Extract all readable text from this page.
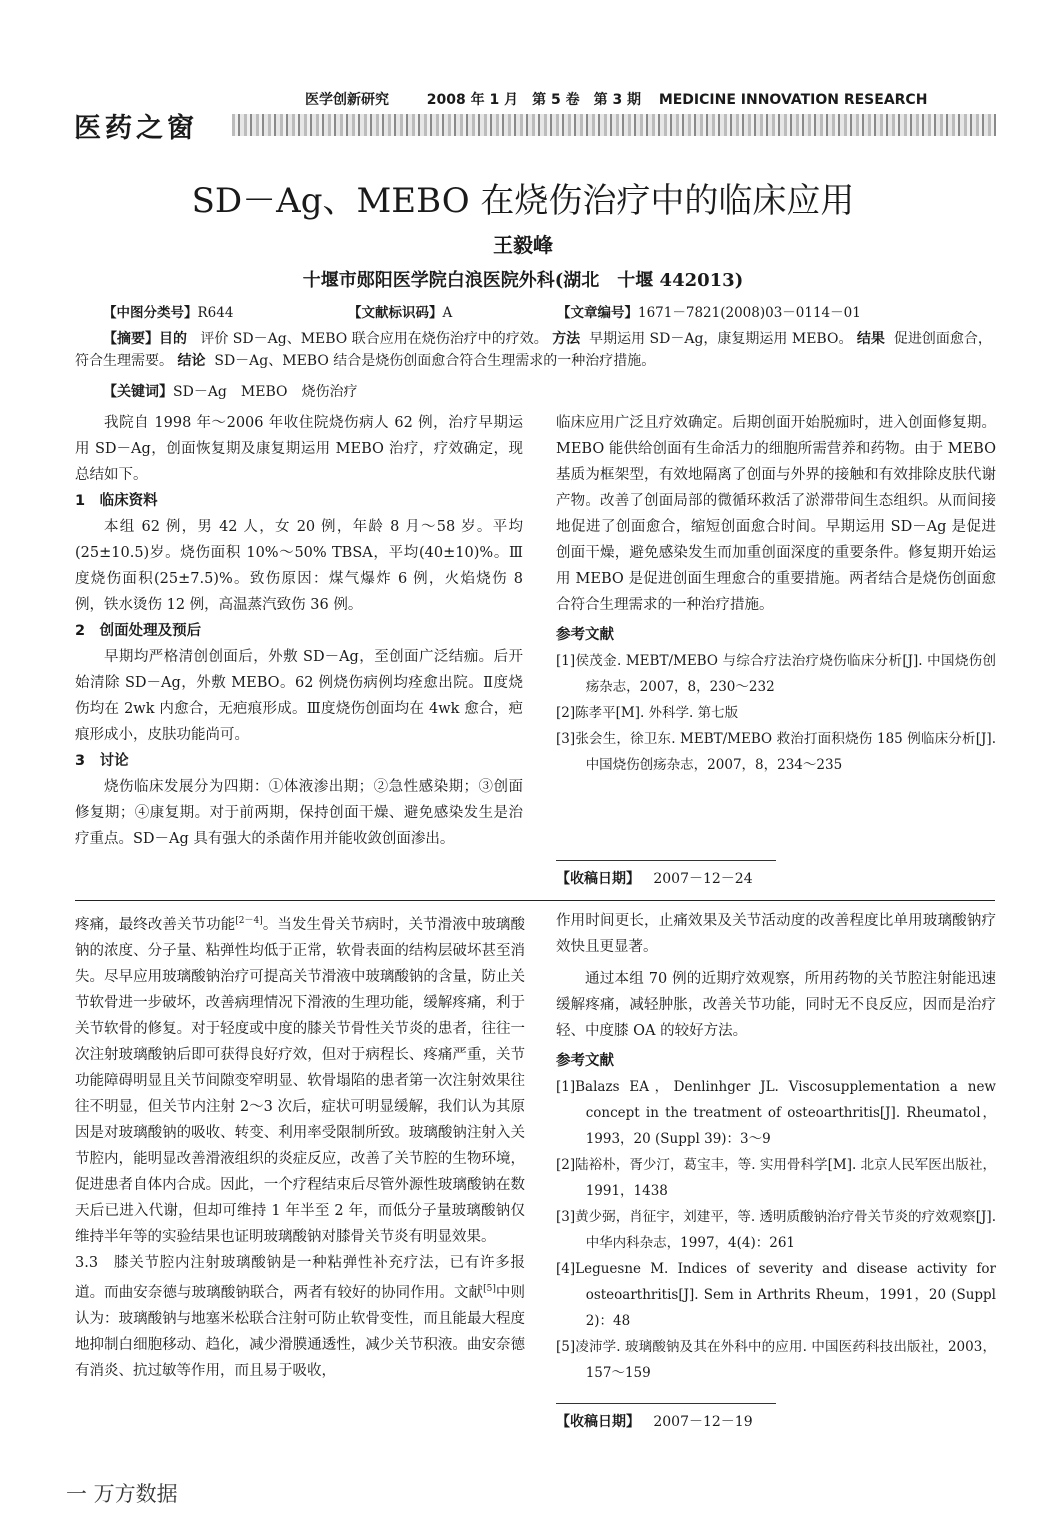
医学创新研究	2008 年 1 月　第 5 卷　第 3 期 MEDICINE INNOVATION RESEARCH
医药之窗
SD－Ag、MEBO 在烧伤治疗中的临床应用
王毅峰
十堰市郧阳医学院白浪医院外科(湖北　十堰 442013)
【中图分类号】R644	【文献标识码】A	【文章编号】1671－7821(2008)03－0114－01
【摘要】目的 评价 SD－Ag、MEBO 联合应用在烧伤治疗中的疗效。 方法 早期运用 SD－Ag，康复期运用 MEBO。 结果 促进创面愈合，符合生理需要。 结论 SD－Ag、MEBO 结合是烧伤创面愈合符合生理需求的一种治疗措施。
【关键词】SD－Ag　MEBO　烧伤治疗

我院自 1998 年～2006 年收住院烧伤病人 62 例，治疗早期运用 SD－Ag，创面恢复期及康复期运用 MEBO 治疗，疗效确定，现总结如下。

1　临床资料

本组 62 例，男 42 人，女 20 例，年龄 8 月～58 岁。平均(25±10.5)岁。烧伤面积 10%～50% TBSA，平均(40±10)%。Ⅲ度烧伤面积(25±7.5)%。致伤原因：煤气爆炸 6 例，火焰烧伤 8 例，铁水烫伤 12 例，高温蒸汽致伤 36 例。

2　创面处理及预后

早期均严格清创创面后，外敷 SD－Ag，至创面广泛结痂。后开始清除 SD－Ag，外敷 MEBO。62 例烧伤病例均痊愈出院。Ⅱ度烧伤均在 2wk 内愈合，无疤痕形成。Ⅲ度烧伤创面均在 4wk 愈合，疤痕形成小，皮肤功能尚可。

3　讨论

烧伤临床发展分为四期：①体液渗出期；②急性感染期；③创面修复期；④康复期。对于前两期，保持创面干燥、避免感染发生是治疗重点。SD－Ag 具有强大的杀菌作用并能收敛创面渗出。

临床应用广泛且疗效确定。后期创面开始脱痂时，进入创面修复期。MEBO 能供给创面有生命活力的细胞所需营养和药物。由于 MEBO 基质为框架型，有效地隔离了创面与外界的接触和有效排除皮肤代谢产物。改善了创面局部的微循环救活了淤滞带间生态组织。从而间接地促进了创面愈合，缩短创面愈合时间。早期运用 SD－Ag 是促进创面干燥，避免感染发生而加重创面深度的重要条件。修复期开始运用 MEBO 是促进创面生理愈合的重要措施。两者结合是烧伤创面愈合符合生理需求的一种治疗措施。

参考文献

[1]侯茂金. MEBT/MEBO 与综合疗法治疗烧伤临床分析[J]. 中国烧伤创疡杂志，2007，8，230～232

[2]陈孝平[M]. 外科学. 第七版

[3]张会生，徐卫东. MEBT/MEBO 救治打面积烧伤 185 例临床分析[J]. 中国烧伤创疡杂志，2007，8，234～235

【收稿日期】 2007－12－24

疼痛，最终改善关节功能[2－4]。当发生骨关节病时，关节滑液中玻璃酸钠的浓度、分子量、粘弹性均低于正常，软骨表面的结构层破坏甚至消失。尽早应用玻璃酸钠治疗可提高关节滑液中玻璃酸钠的含量，防止关节软骨进一步破坏，改善病理情况下滑液的生理功能，缓解疼痛，利于关节软骨的修复。对于轻度或中度的膝关节骨性关节炎的患者，往往一次注射玻璃酸钠后即可获得良好疗效，但对于病程长、疼痛严重，关节功能障碍明显且关节间隙变窄明显、软骨塌陷的患者第一次注射效果往往不明显，但关节内注射 2～3 次后，症状可明显缓解，我们认为其原因是对玻璃酸钠的吸收、转变、利用率受限制所致。玻璃酸钠注射入关节腔内，能明显改善滑液组织的炎症反应，改善了关节腔的生物环境，促进患者自体内合成。因此，一个疗程结束后尽管外源性玻璃酸钠在数天后已进入代谢，但却可维持 1 年半至 2 年，而低分子量玻璃酸钠仅维持半年等的实验结果也证明玻璃酸钠对膝骨关节炎有明显效果。

3.3　膝关节腔内注射玻璃酸钠是一种粘弹性补充疗法，已有许多报道。而曲安奈德与玻璃酸钠联合，两者有较好的协同作用。文献[5]中则认为：玻璃酸钠与地塞米松联合注射可防止软骨变性，而且能最大程度地抑制白细胞移动、趋化，减少滑膜通透性，减少关节积液。曲安奈德有消炎、抗过敏等作用，而且易于吸收，

作用时间更长，止痛效果及关节活动度的改善程度比单用玻璃酸钠疗效快且更显著。

通过本组 70 例的近期疗效观察，所用药物的关节腔注射能迅速缓解疼痛，减轻肿胀，改善关节功能，同时无不良反应，因而是治疗轻、中度膝 OA 的较好方法。

参考文献

[1]Balazs EA，Denlinhger JL. Viscosupplementation a new concept in the treatment of osteoarthritis[J]. Rheumatol，1993，20 (Suppl 39)：3～9

[2]陆裕朴，胥少汀，葛宝丰，等. 实用骨科学[M]. 北京人民军医出版社，1991，1438

[3]黄少弼，肖征宇，刘建平，等. 透明质酸钠治疗骨关节炎的疗效观察[J]. 中华内科杂志，1997，4(4)：261

[4]Leguesne M. Indices of severity and disease activity for osteoarthritis[J]. Sem in Arthrits Rheum，1991，20 (Suppl 2)：48

[5]凌沛学. 玻璃酸钠及其在外科中的应用. 中国医药科技出版社，2003，157～159

【收稿日期】 2007－12－19
一 万方数据
